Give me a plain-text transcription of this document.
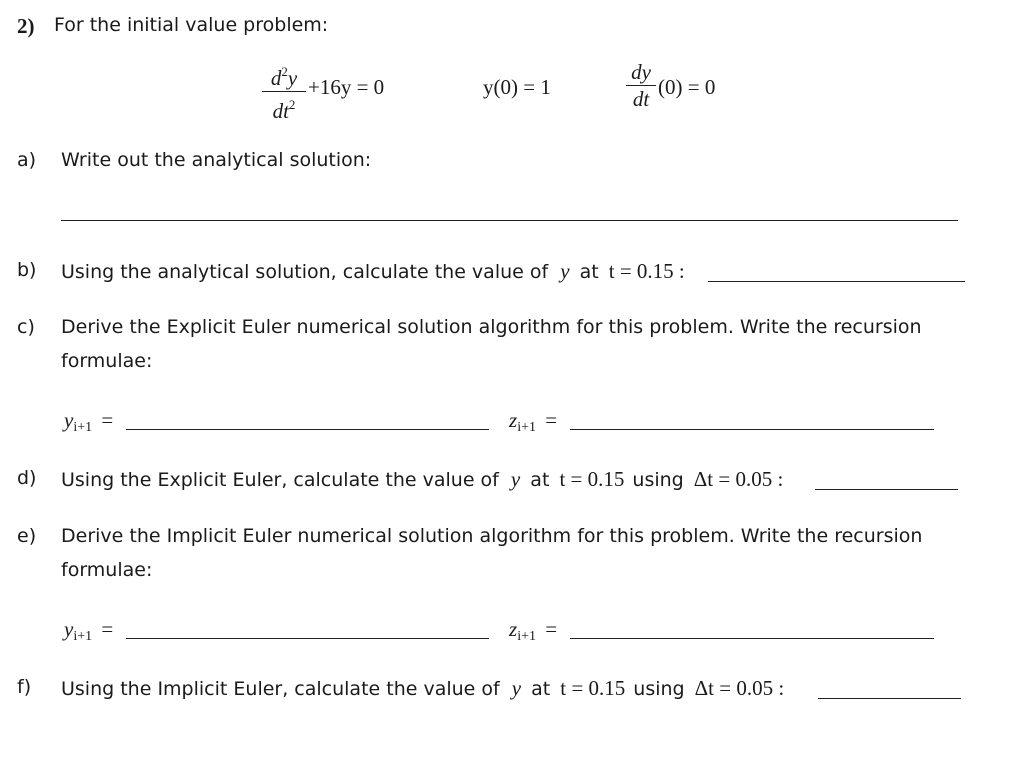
2) For the initial value problem:
$d^2y$
$dt^2$
+16y = 0	y(0) = 1
dy
dt (0) = 0
a) Write out the analytical solution:
b) Using the analytical solution, calculate the value of y at t = 0.15 :
c) Derive the Explicit Euler numerical solution algorithm for this problem. Write the recursion
formulae:
$y_{i+1}$ =	$z_{i+1}$ =
d) Using the Explicit Euler, calculate the value of y at t = 0.15 using Δt = 0.05 :
e) Derive the Implicit Euler numerical solution algorithm for this problem. Write the recursion
formulae:
$y_{i+1}$ =	$z_{i+1}$ =
f) Using the Implicit Euler, calculate the value of y at t = 0.15 using Δt = 0.05 :
